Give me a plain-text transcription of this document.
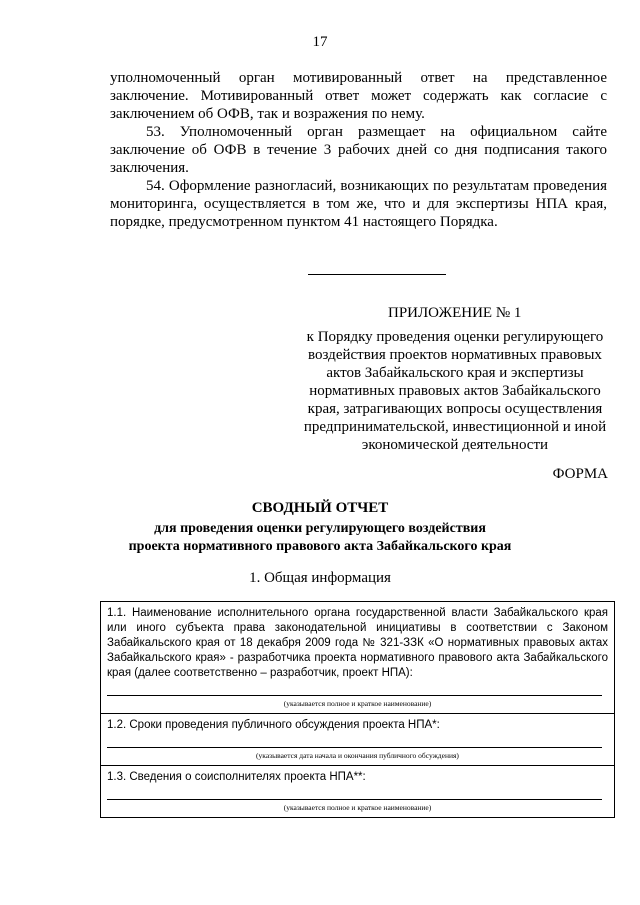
17

уполномоченный орган мотивированный ответ на представленное заключение. Мотивированный ответ может содержать как согласие с заключением об ОФВ, так и возражения по нему.

53. Уполномоченный орган размещает на официальном сайте заключение об ОФВ в течение 3 рабочих дней со дня подписания такого заключения.

54. Оформление разногласий, возникающих по результатам проведения мониторинга, осуществляется в том же, что и для экспертизы НПА края, порядке, предусмотренном пунктом 41 настоящего Порядка.

ПРИЛОЖЕНИЕ № 1
к Порядку проведения оценки регулирующего воздействия проектов нормативных правовых актов Забайкальского края и экспертизы нормативных правовых актов Забайкальского края, затрагивающих вопросы осуществления предпринимательской, инвестиционной и иной экономической деятельности
ФОРМА
СВОДНЫЙ ОТЧЕТ
для проведения оценки регулирующего воздействия
проекта нормативного правового акта Забайкальского края
1. Общая информация
1.1. Наименование исполнительного органа государственной власти Забайкальского края или иного субъекта права законодательной инициативы в соответствии с Законом Забайкальского края от 18 декабря 2009 года № 321-ЗЗК «О нормативных правовых актах Забайкальского края» - разработчика проекта нормативного правового акта Забайкальского края (далее соответственно – разработчик, проект НПА):
(указывается полное и краткое наименование)
1.2. Сроки проведения публичного обсуждения проекта НПА*:
(указывается дата начала и окончания публичного обсуждения)
1.3. Сведения о соисполнителях проекта НПА**:
(указывается полное и краткое наименование)
